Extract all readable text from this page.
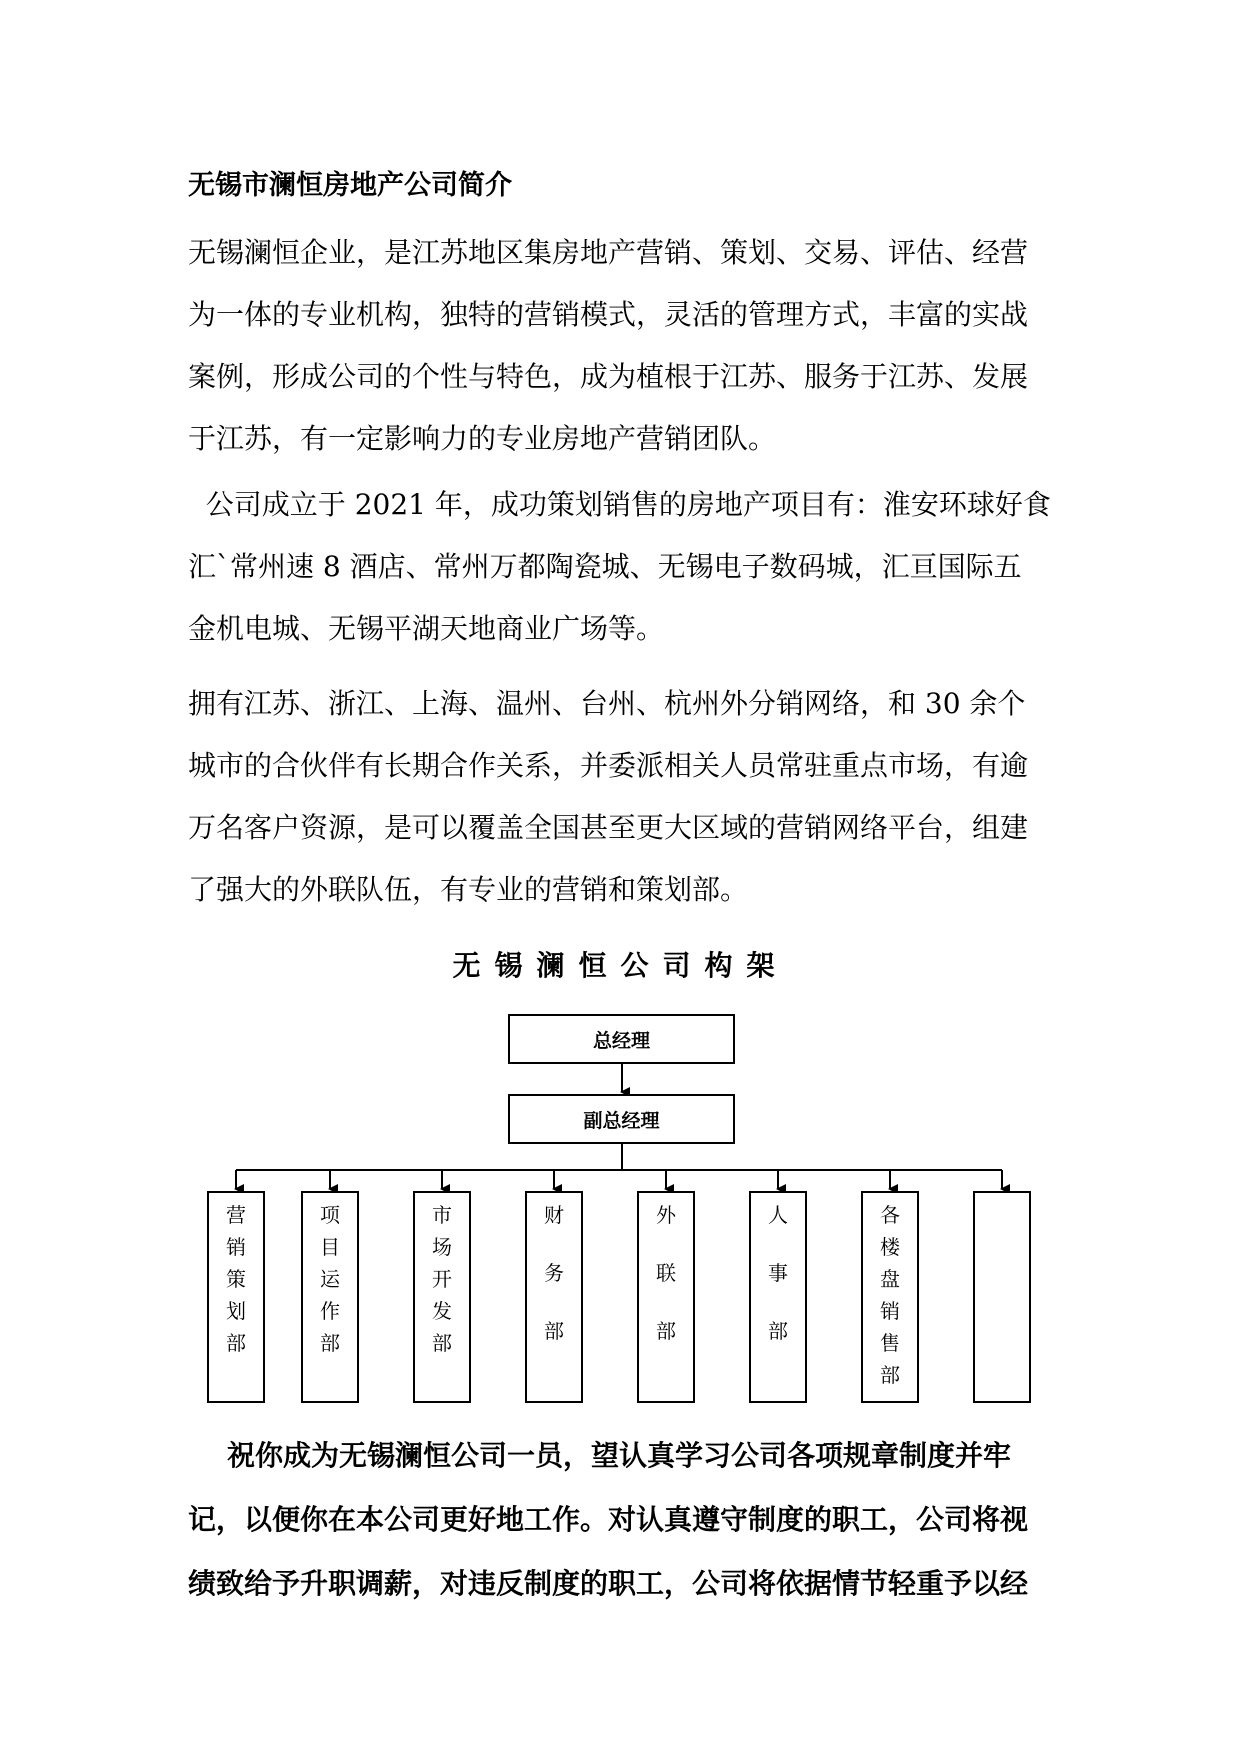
无锡市澜恒房地产公司简介
无锡澜恒企业，是江苏地区集房地产营销、策划、交易、评估、经营
为一体的专业机构，独特的营销模式，灵活的管理方式，丰富的实战
案例，形成公司的个性与特色，成为植根于江苏、服务于江苏、发展
于江苏，有一定影响力的专业房地产营销团队。
公司成立于 2021 年，成功策划销售的房地产项目有：淮安环球好食
汇`常州速 8 酒店、常州万都陶瓷城、无锡电子数码城，汇亘国际五
金机电城、无锡平湖天地商业广场等。
拥有江苏、浙江、上海、温州、台州、杭州外分销网络，和 30 余个
城市的合伙伴有长期合作关系，并委派相关人员常驻重点市场，有逾
万名客户资源，是可以覆盖全国甚至更大区域的营销网络平台，组建
了强大的外联队伍，有专业的营销和策划部。
无锡澜恒公司构架
总经理
副总经理
营
销
策
划
部
项
目
运
作
部
市
场
开
发
部
财
务
部
外
联
部
人
事
部
各
楼
盘
销
售
部
祝你成为无锡澜恒公司一员，望认真学习公司各项规章制度并牢
记，以便你在本公司更好地工作。对认真遵守制度的职工，公司将视
绩致给予升职调薪，对违反制度的职工，公司将依据情节轻重予以经
